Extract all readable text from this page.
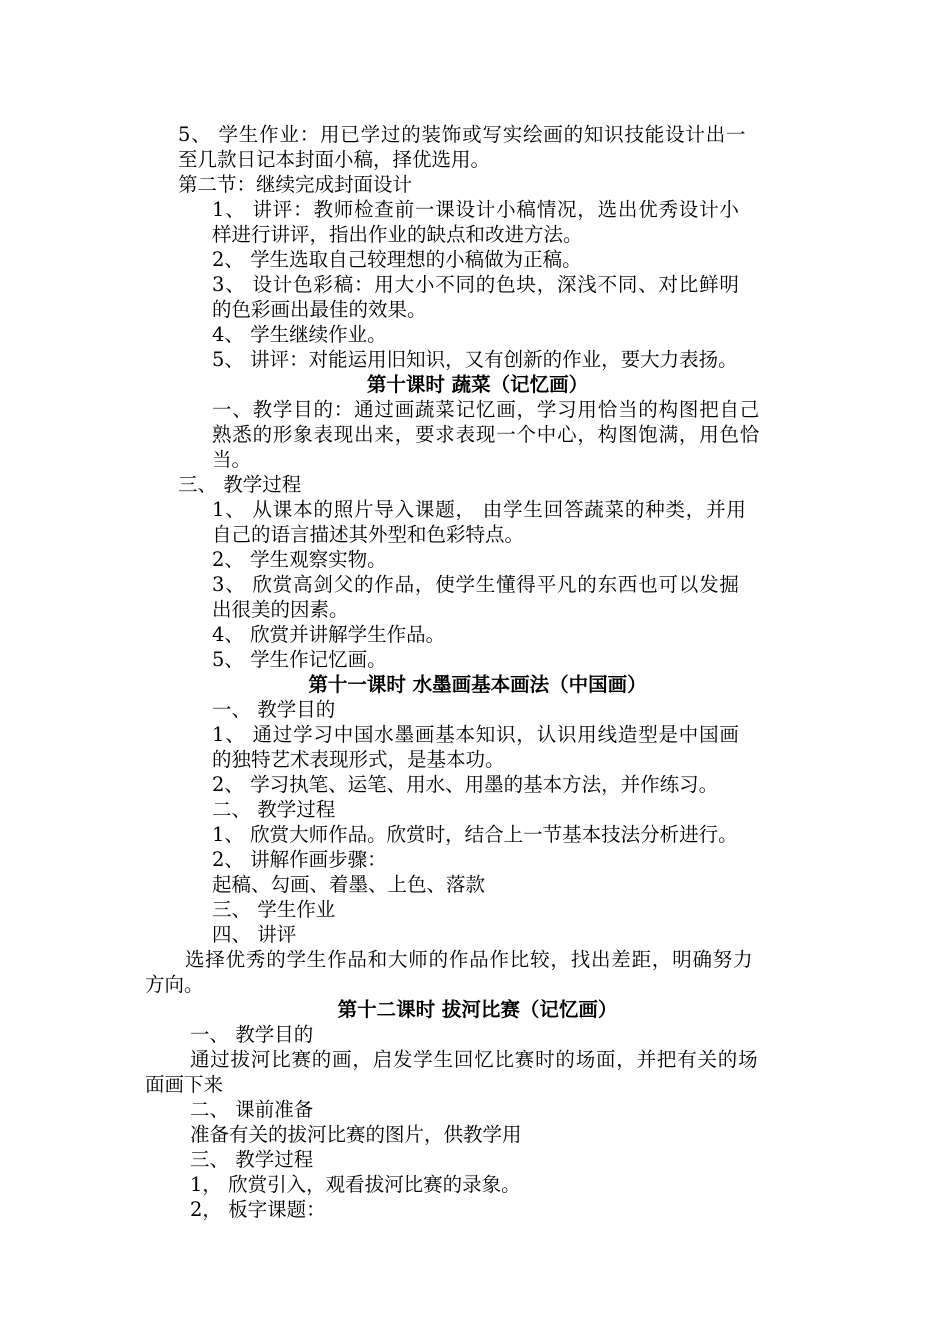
5、 学生作业：用已学过的装饰或写实绘画的知识技能设计出一
至几款日记本封面小稿，择优选用。
第二节：继续完成封面设计
1、 讲评：教师检查前一课设计小稿情况，选出优秀设计小
样进行讲评，指出作业的缺点和改进方法。
2、 学生选取自己较理想的小稿做为正稿。
3、 设计色彩稿：用大小不同的色块，深浅不同、对比鲜明
的色彩画出最佳的效果。
4、 学生继续作业。
5、 讲评：对能运用旧知识，又有创新的作业，要大力表扬。
第十课时 蔬菜（记忆画）
一、教学目的：通过画蔬菜记忆画，学习用恰当的构图把自己
熟悉的形象表现出来，要求表现一个中心，构图饱满，用色恰
当。
三、 教学过程
1、 从课本的照片导入课题， 由学生回答蔬菜的种类，并用
自己的语言描述其外型和色彩特点。
2、 学生观察实物。
3、 欣赏高剑父的作品，使学生懂得平凡的东西也可以发掘
出很美的因素。
4、 欣赏并讲解学生作品。
5、 学生作记忆画。
第十一课时 水墨画基本画法（中国画）
一、 教学目的
1、 通过学习中国水墨画基本知识，认识用线造型是中国画
的独特艺术表现形式，是基本功。
2、 学习执笔、运笔、用水、用墨的基本方法，并作练习。
二、 教学过程
1、 欣赏大师作品。欣赏时，结合上一节基本技法分析进行。
2、 讲解作画步骤：
起稿、勾画、着墨、上色、落款
三、 学生作业
四、 讲评
选择优秀的学生作品和大师的作品作比较，找出差距，明确努力
方向。
第十二课时 拔河比赛（记忆画）
一、 教学目的
通过拔河比赛的画，启发学生回忆比赛时的场面，并把有关的场
面画下来
二、 课前准备
准备有关的拔河比赛的图片，供教学用
三、 教学过程
1， 欣赏引入，观看拔河比赛的录象。
2， 板字课题：
